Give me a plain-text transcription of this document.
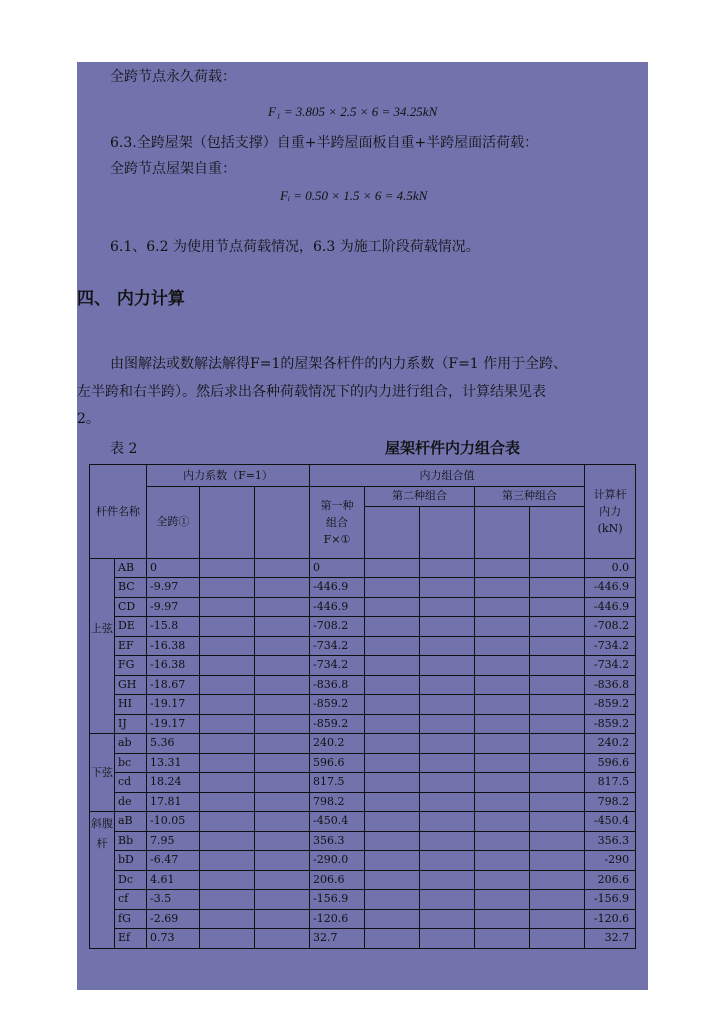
全跨节点永久荷载：
F₁ = 3.805 × 2.5 × 6 = 34.25kN
6.3.全跨屋架（包括支撑）自重+半跨屋面板自重+半跨屋面活荷载：
全跨节点屋架自重：
Fᵢ = 0.50 × 1.5 × 6 = 4.5kN
6.1、6.2 为使用节点荷载情况，6.3 为施工阶段荷载情况。
四、 内力计算
由图解法或数解法解得F=1的屋架各杆件的内力系数（F=1 作用于全跨、
左半跨和右半跨）。然后求出各种荷载情况下的内力进行组合，计算结果见表
2。
表 2	屋架杆件内力组合表
杆件名称		内力系数（F=1）			内力组合值					计算杆内力(kN)
		全跨①			第一种组合F×①	第二种组合		第三种组合		

上弦	AB	0			0					0.0
	BC	-9.97			-446.9					-446.9
	CD	-9.97			-446.9					-446.9
	DE	-15.8			-708.2					-708.2
	EF	-16.38			-734.2					-734.2
	FG	-16.38			-734.2					-734.2
	GH	-18.67			-836.8					-836.8
	HI	-19.17			-859.2					-859.2
	IJ	-19.17			-859.2					-859.2
下弦	ab	5.36			240.2					240.2
	bc	13.31			596.6					596.6
	cd	18.24			817.5					817.5
	de	17.81			798.2					798.2
斜腹杆	aB	-10.05			-450.4					-450.4
	Bb	7.95			356.3					356.3
	bD	-6.47			-290.0					-290
	Dc	4.61			206.6					206.6
	cf	-3.5			-156.9					-156.9
	fG	-2.69			-120.6					-120.6
	Ef	0.73			32.7					32.7
